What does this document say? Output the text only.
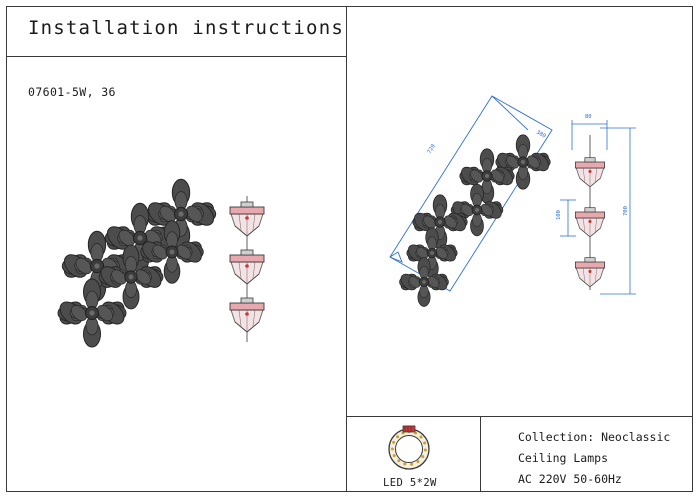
Installation instructions
07601-5W, 36
720
380
80
100	700
LED 5*2W
Collection: Neoclassic
Ceiling Lamps
AC 220V 50-60Hz
